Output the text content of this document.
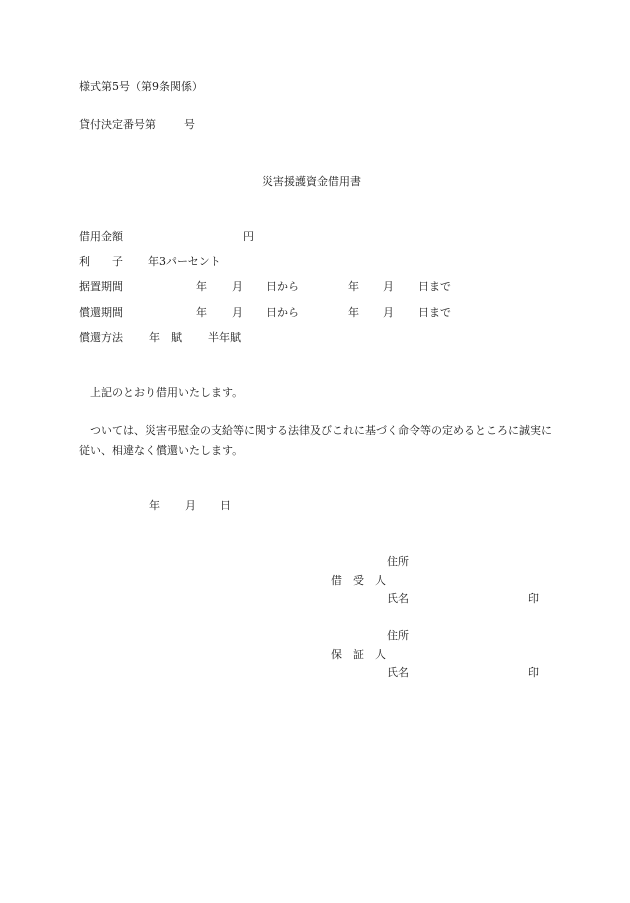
様式第5号（第9条関係）
貸付決定番号第	号
災害援護資金借用書
借用金額	円
利　　子 年3パーセント
据置期間	年 月 日から	年 月 日まで
償還期間	年 月 日から	年 月 日まで
償還方法 年　賦 半年賦
上記のとおり借用いたします。
ついては、災害弔慰金の支給等に関する法律及びこれに基づく命令等の定めるところに誠実に従い、相違なく償還いたします。
年 月 日
住所
借　受　人
氏名	印
住所
保　証　人
氏名	印
